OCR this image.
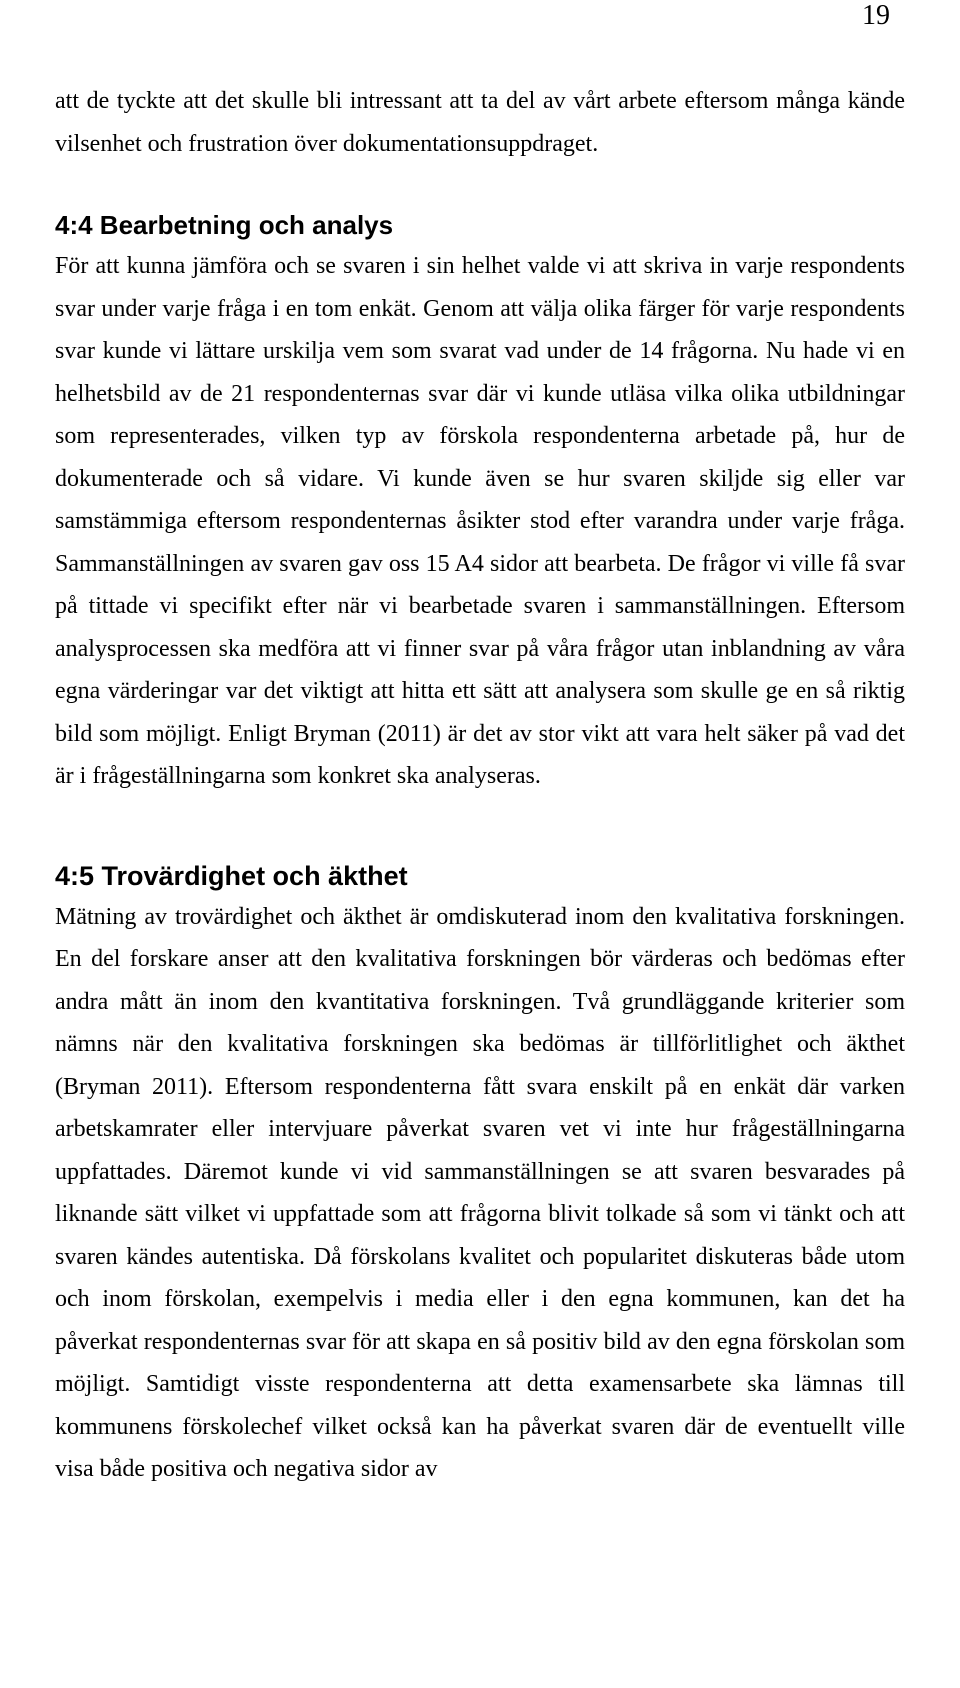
19

att de tyckte att det skulle bli intressant att ta del av vårt arbete eftersom många kände vilsenhet och frustration över dokumentationsuppdraget.

4:4 Bearbetning och analys

För att kunna jämföra och se svaren i sin helhet valde vi att skriva in varje respondents svar under varje fråga i en tom enkät. Genom att välja olika färger för varje respondents svar kunde vi lättare urskilja vem som svarat vad under de 14 frågorna. Nu hade vi en helhetsbild av de 21 respondenternas svar där vi kunde utläsa vilka olika utbildningar som representerades, vilken typ av förskola respondenterna arbetade på, hur de dokumenterade och så vidare. Vi kunde även se hur svaren skiljde sig eller var samstämmiga eftersom respondenternas åsikter stod efter varandra under varje fråga. Sammanställningen av svaren gav oss 15 A4 sidor att bearbeta. De frågor vi ville få svar på tittade vi specifikt efter när vi bearbetade svaren i sammanställningen. Eftersom analysprocessen ska medföra att vi finner svar på våra frågor utan inblandning av våra egna värderingar var det viktigt att hitta ett sätt att analysera som skulle ge en så riktig bild som möjligt. Enligt Bryman (2011) är det av stor vikt att vara helt säker på vad det är i frågeställningarna som konkret ska analyseras.

4:5 Trovärdighet och äkthet

Mätning av trovärdighet och äkthet är omdiskuterad inom den kvalitativa forskningen. En del forskare anser att den kvalitativa forskningen bör värderas och bedömas efter andra mått än inom den kvantitativa forskningen. Två grundläggande kriterier som nämns när den kvalitativa forskningen ska bedömas är tillförlitlighet och äkthet (Bryman 2011). Eftersom respondenterna fått svara enskilt på en enkät där varken arbetskamrater eller intervjuare påverkat svaren vet vi inte hur frågeställningarna uppfattades. Däremot kunde vi vid sammanställningen se att svaren besvarades på liknande sätt vilket vi uppfattade som att frågorna blivit tolkade så som vi tänkt och att svaren kändes autentiska. Då förskolans kvalitet och popularitet diskuteras både utom och inom förskolan, exempelvis i media eller i den egna kommunen, kan det ha påverkat respondenternas svar för att skapa en så positiv bild av den egna förskolan som möjligt. Samtidigt visste respondenterna att detta examensarbete ska lämnas till kommunens förskolechef vilket också kan ha påverkat svaren där de eventuellt ville visa både positiva och negativa sidor av
